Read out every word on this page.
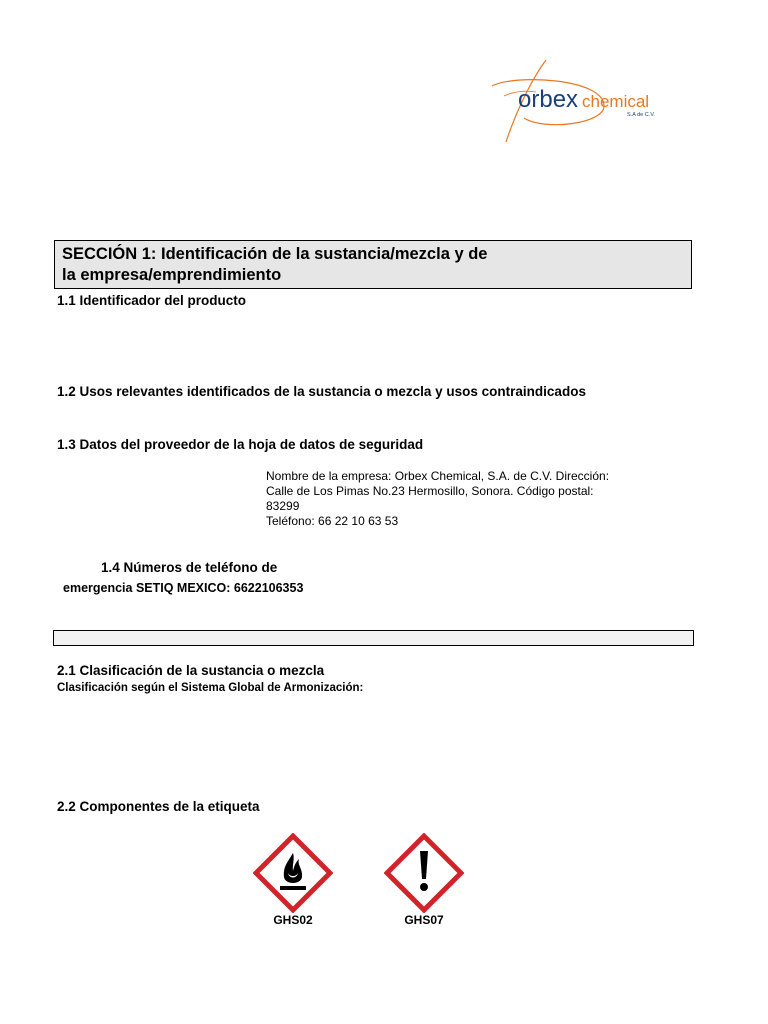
orbex chemical
S.A de C.V.

SECCIÓN 1: Identificación de la sustancia/mezcla y de

la empresa/emprendimiento

1.1 Identificador del producto

1.2 Usos relevantes identificados de la sustancia o mezcla y usos contraindicados

1.3 Datos del proveedor de la hoja de datos de seguridad

Nombre de la empresa: Orbex Chemical, S.A. de C.V. Dirección:

Calle de Los Pimas No.23 Hermosillo, Sonora. Código postal:

83299

Teléfono: 66 22 10 63 53

1.4 Números de teléfono de

emergencia SETIQ MEXICO: 6622106353

2.1 Clasificación de la sustancia o mezcla

Clasificación según el Sistema Global de Armonización:

2.2 Componentes de la etiqueta

GHS02	GHS07
